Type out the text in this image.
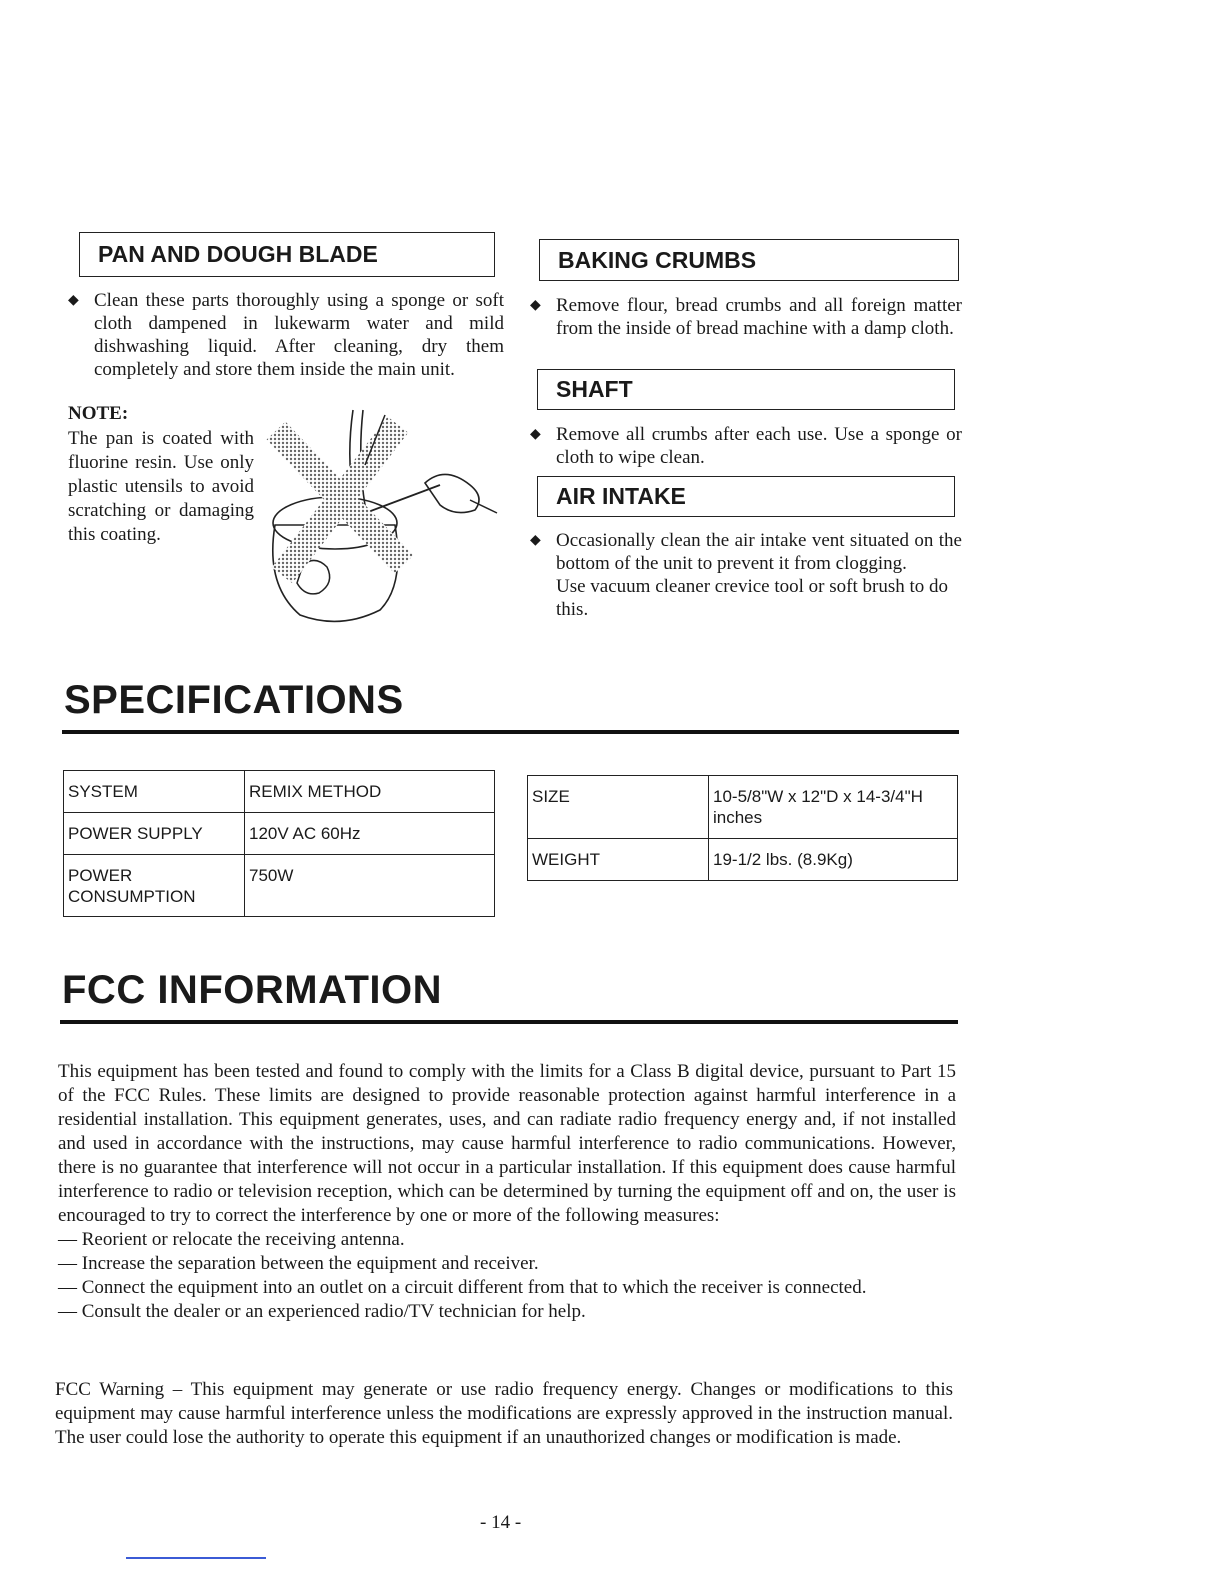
PAN AND DOUGH BLADE
◆ Clean these parts thoroughly using a sponge or soft cloth dampened in lukewarm water and mild dishwashing liquid. After cleaning, dry them completely and store them inside the main unit.
NOTE:
The pan is coated with fluorine resin. Use only plastic utensils to avoid scratching or damaging this coating.
BAKING CRUMBS
◆ Remove flour, bread crumbs and all foreign matter from the inside of bread machine with a damp cloth.
SHAFT
◆ Remove all crumbs after each use. Use a sponge or cloth to wipe clean.
AIR INTAKE
◆ Occasionally clean the air intake vent situated on the bottom of the unit to prevent it from clogging.
Use vacuum cleaner crevice tool or soft brush to do this.
SPECIFICATIONS
SYSTEM	REMIX METHOD
POWER SUPPLY	120V AC 60Hz
POWER CONSUMPTION	750W
SIZE	10-5/8"W x 12"D x 14-3/4"H inches
WEIGHT	19-1/2 lbs. (8.9Kg)
FCC INFORMATION

This equipment has been tested and found to comply with the limits for a Class B digital device, pursuant to Part 15 of the FCC Rules. These limits are designed to provide reasonable protection against harmful interference in a residential installation. This equipment generates, uses, and can radiate radio frequency energy and, if not installed and used in accordance with the instructions, may cause harmful interference to radio communications. However, there is no guarantee that interference will not occur in a particular installation. If this equipment does cause harmful interference to radio or television reception, which can be determined by turning the equipment off and on, the user is encouraged to try to correct the interference by one or more of the following measures:

— Reorient or relocate the receiving antenna.

— Increase the separation between the equipment and receiver.

— Connect the equipment into an outlet on a circuit different from that to which the receiver is connected.

— Consult the dealer or an experienced radio/TV technician for help.

FCC Warning – This equipment may generate or use radio frequency energy. Changes or modifications to this equipment may cause harmful interference unless the modifications are expressly approved in the instruction manual. The user could lose the authority to operate this equipment if an unauthorized changes or modification is made.
- 14 -
